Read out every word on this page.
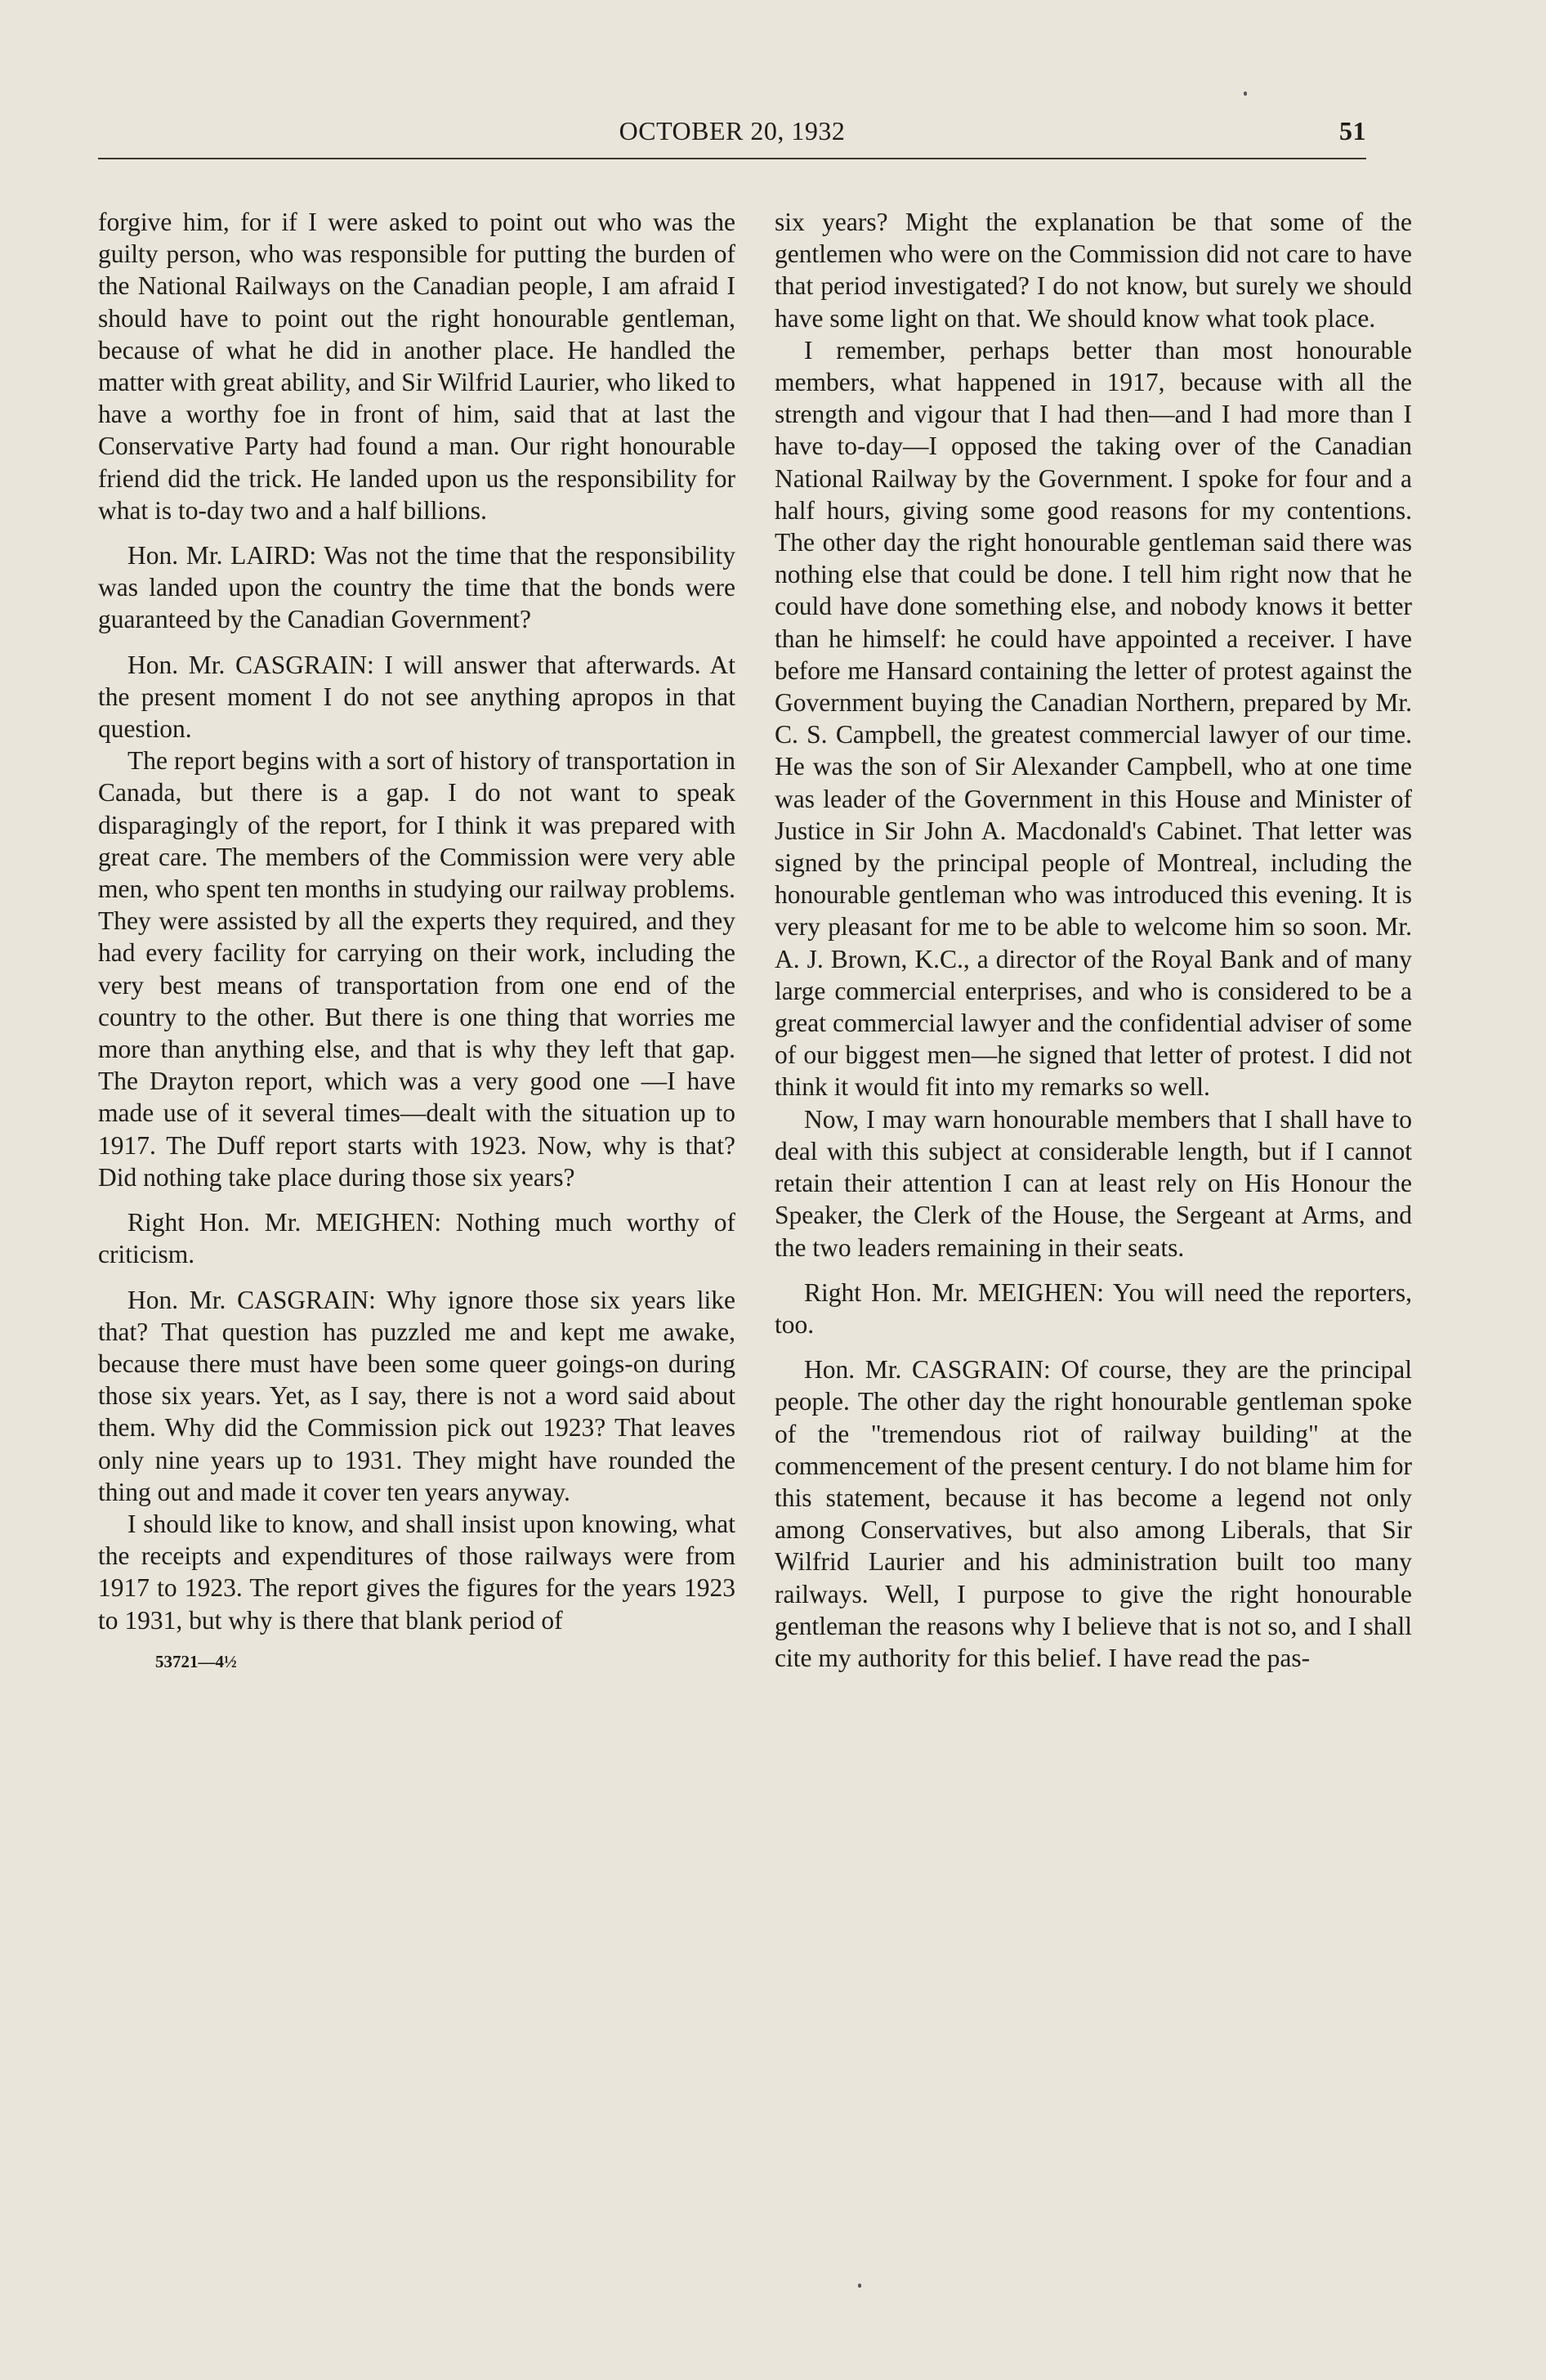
OCTOBER 20, 1932	51

forgive him, for if I were asked to point out who was the guilty person, who was responsible for putting the burden of the National Railways on the Canadian people, I am afraid I should have to point out the right honourable gentleman, because of what he did in another place. He handled the matter with great ability, and Sir Wilfrid Laurier, who liked to have a worthy foe in front of him, said that at last the Conservative Party had found a man. Our right honourable friend did the trick. He landed upon us the responsibility for what is to-day two and a half billions.

Hon. Mr. LAIRD: Was not the time that the responsibility was landed upon the country the time that the bonds were guaranteed by the Canadian Government?

Hon. Mr. CASGRAIN: I will answer that afterwards. At the present moment I do not see anything apropos in that question.

The report begins with a sort of history of transportation in Canada, but there is a gap. I do not want to speak disparagingly of the report, for I think it was prepared with great care. The members of the Commission were very able men, who spent ten months in studying our railway problems. They were assisted by all the experts they required, and they had every facility for carrying on their work, including the very best means of transportation from one end of the country to the other. But there is one thing that worries me more than anything else, and that is why they left that gap. The Drayton report, which was a very good one —I have made use of it several times—dealt with the situation up to 1917. The Duff report starts with 1923. Now, why is that? Did nothing take place during those six years?

Right Hon. Mr. MEIGHEN: Nothing much worthy of criticism.

Hon. Mr. CASGRAIN: Why ignore those six years like that? That question has puzzled me and kept me awake, because there must have been some queer goings-on during those six years. Yet, as I say, there is not a word said about them. Why did the Commission pick out 1923? That leaves only nine years up to 1931. They might have rounded the thing out and made it cover ten years anyway.

I should like to know, and shall insist upon knowing, what the receipts and expenditures of those railways were from 1917 to 1923. The report gives the figures for the years 1923 to 1931, but why is there that blank period of

53721—4½

six years? Might the explanation be that some of the gentlemen who were on the Commission did not care to have that period investigated? I do not know, but surely we should have some light on that. We should know what took place.

I remember, perhaps better than most honourable members, what happened in 1917, because with all the strength and vigour that I had then—and I had more than I have to-day—I opposed the taking over of the Canadian National Railway by the Government. I spoke for four and a half hours, giving some good reasons for my contentions. The other day the right honourable gentleman said there was nothing else that could be done. I tell him right now that he could have done something else, and nobody knows it better than he himself: he could have appointed a receiver. I have before me Hansard containing the letter of protest against the Government buying the Canadian Northern, prepared by Mr. C. S. Campbell, the greatest commercial lawyer of our time. He was the son of Sir Alexander Campbell, who at one time was leader of the Government in this House and Minister of Justice in Sir John A. Macdonald's Cabinet. That letter was signed by the principal people of Montreal, including the honourable gentleman who was introduced this evening. It is very pleasant for me to be able to welcome him so soon. Mr. A. J. Brown, K.C., a director of the Royal Bank and of many large commercial enterprises, and who is considered to be a great commercial lawyer and the confidential adviser of some of our biggest men—he signed that letter of protest. I did not think it would fit into my remarks so well.

Now, I may warn honourable members that I shall have to deal with this subject at considerable length, but if I cannot retain their attention I can at least rely on His Honour the Speaker, the Clerk of the House, the Sergeant at Arms, and the two leaders remaining in their seats.

Right Hon. Mr. MEIGHEN: You will need the reporters, too.

Hon. Mr. CASGRAIN: Of course, they are the principal people. The other day the right honourable gentleman spoke of the "tremendous riot of railway building" at the commencement of the present century. I do not blame him for this statement, because it has become a legend not only among Conservatives, but also among Liberals, that Sir Wilfrid Laurier and his administration built too many railways. Well, I purpose to give the right honourable gentleman the reasons why I believe that is not so, and I shall cite my authority for this belief. I have read the pas-
